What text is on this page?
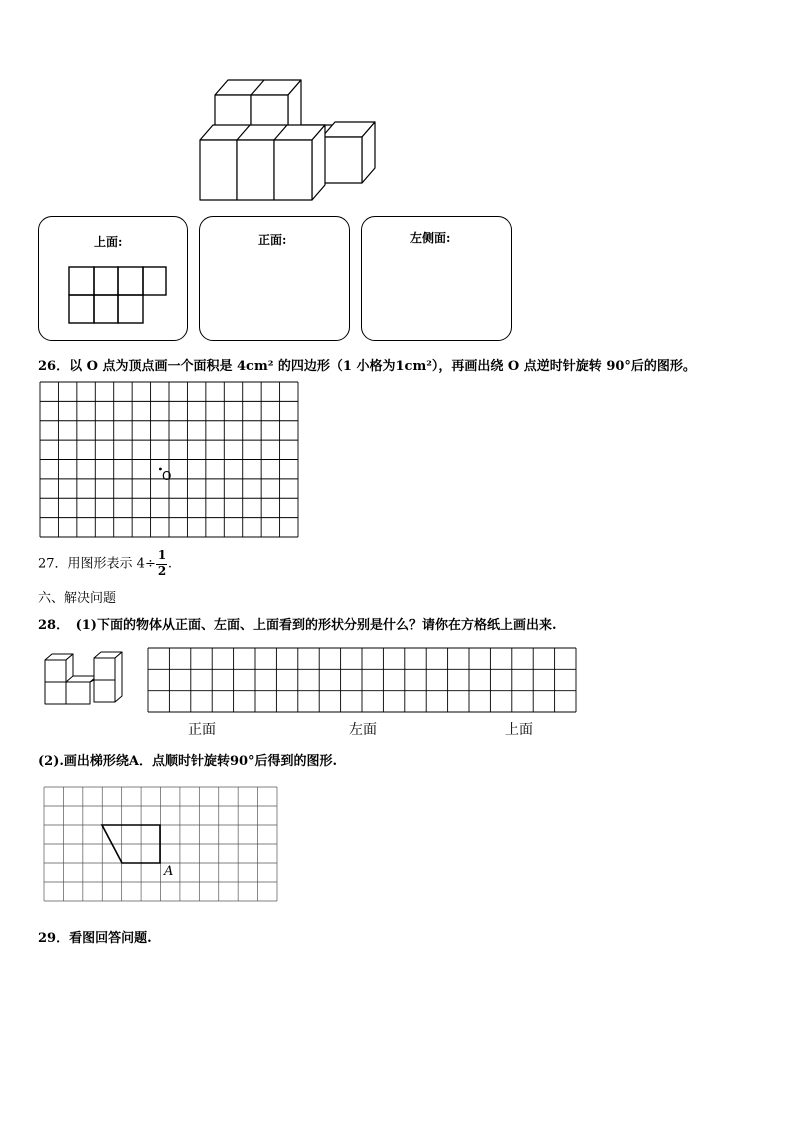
上面:	正面:	左侧面:
26．以 O 点为顶点画一个面积是 4cm² 的四边形（1 小格为1cm²），再画出绕 O 点逆时针旋转 90°后的图形。
O
27．用图形表示 $4\div \frac{1}{2}$ .
六、解决问题
28．　(1)下面的物体从正面、左面、上面看到的形状分别是什么？请你在方格纸上画出来.
正面	左面	上面
(2).画出梯形绕A．点顺时针旋转90°后得到的图形.
A
29．看图回答问题.
